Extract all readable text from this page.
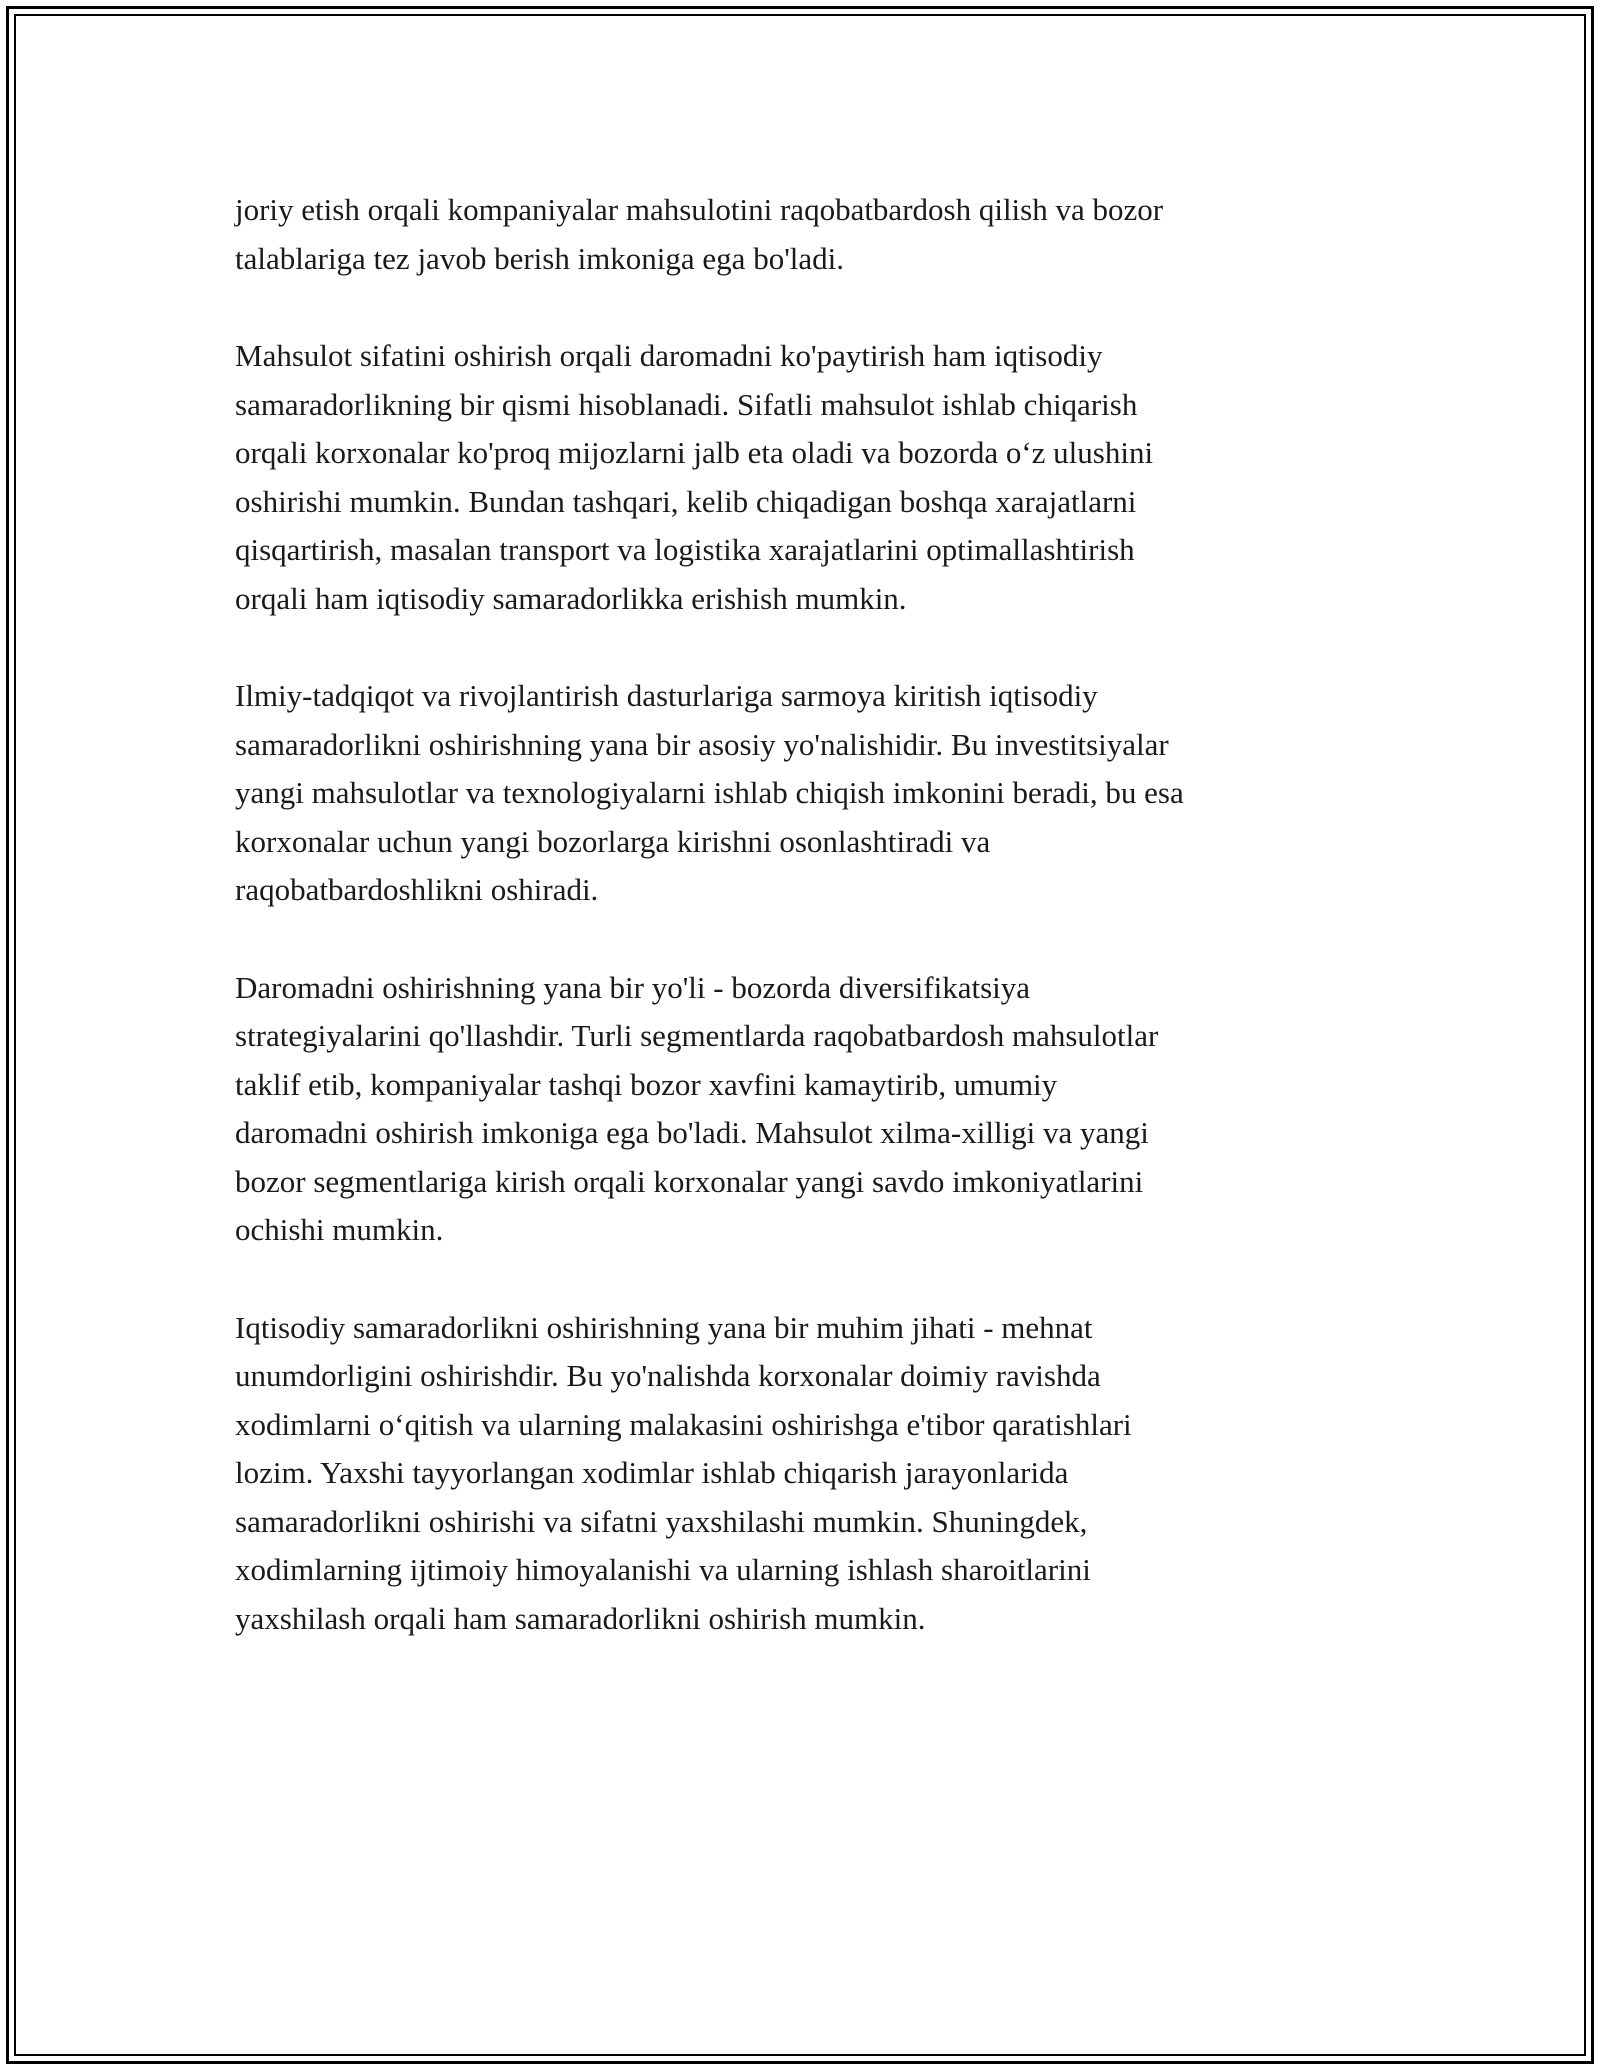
joriy etish orqali kompaniyalar mahsulotini raqobatbardosh qilish va bozor
talablariga tez javob berish imkoniga ega bo'ladi.

Mahsulot sifatini oshirish orqali daromadni ko'paytirish ham iqtisodiy
samaradorlikning bir qismi hisoblanadi. Sifatli mahsulot ishlab chiqarish
orqali korxonalar ko'proq mijozlarni jalb eta oladi va bozorda o‘z ulushini
oshirishi mumkin. Bundan tashqari, kelib chiqadigan boshqa xarajatlarni
qisqartirish, masalan transport va logistika xarajatlarini optimallashtirish
orqali ham iqtisodiy samaradorlikka erishish mumkin.

Ilmiy-tadqiqot va rivojlantirish dasturlariga sarmoya kiritish iqtisodiy
samaradorlikni oshirishning yana bir asosiy yo'nalishidir. Bu investitsiyalar
yangi mahsulotlar va texnologiyalarni ishlab chiqish imkonini beradi, bu esa
korxonalar uchun yangi bozorlarga kirishni osonlashtiradi va
raqobatbardoshlikni oshiradi.

Daromadni oshirishning yana bir yo'li - bozorda diversifikatsiya
strategiyalarini qo'llashdir. Turli segmentlarda raqobatbardosh mahsulotlar
taklif etib, kompaniyalar tashqi bozor xavfini kamaytirib, umumiy
daromadni oshirish imkoniga ega bo'ladi. Mahsulot xilma-xilligi va yangi
bozor segmentlariga kirish orqali korxonalar yangi savdo imkoniyatlarini
ochishi mumkin.

Iqtisodiy samaradorlikni oshirishning yana bir muhim jihati - mehnat
unumdorligini oshirishdir. Bu yo'nalishda korxonalar doimiy ravishda
xodimlarni o‘qitish va ularning malakasini oshirishga e'tibor qaratishlari
lozim. Yaxshi tayyorlangan xodimlar ishlab chiqarish jarayonlarida
samaradorlikni oshirishi va sifatni yaxshilashi mumkin. Shuningdek,
xodimlarning ijtimoiy himoyalanishi va ularning ishlash sharoitlarini
yaxshilash orqali ham samaradorlikni oshirish mumkin.
